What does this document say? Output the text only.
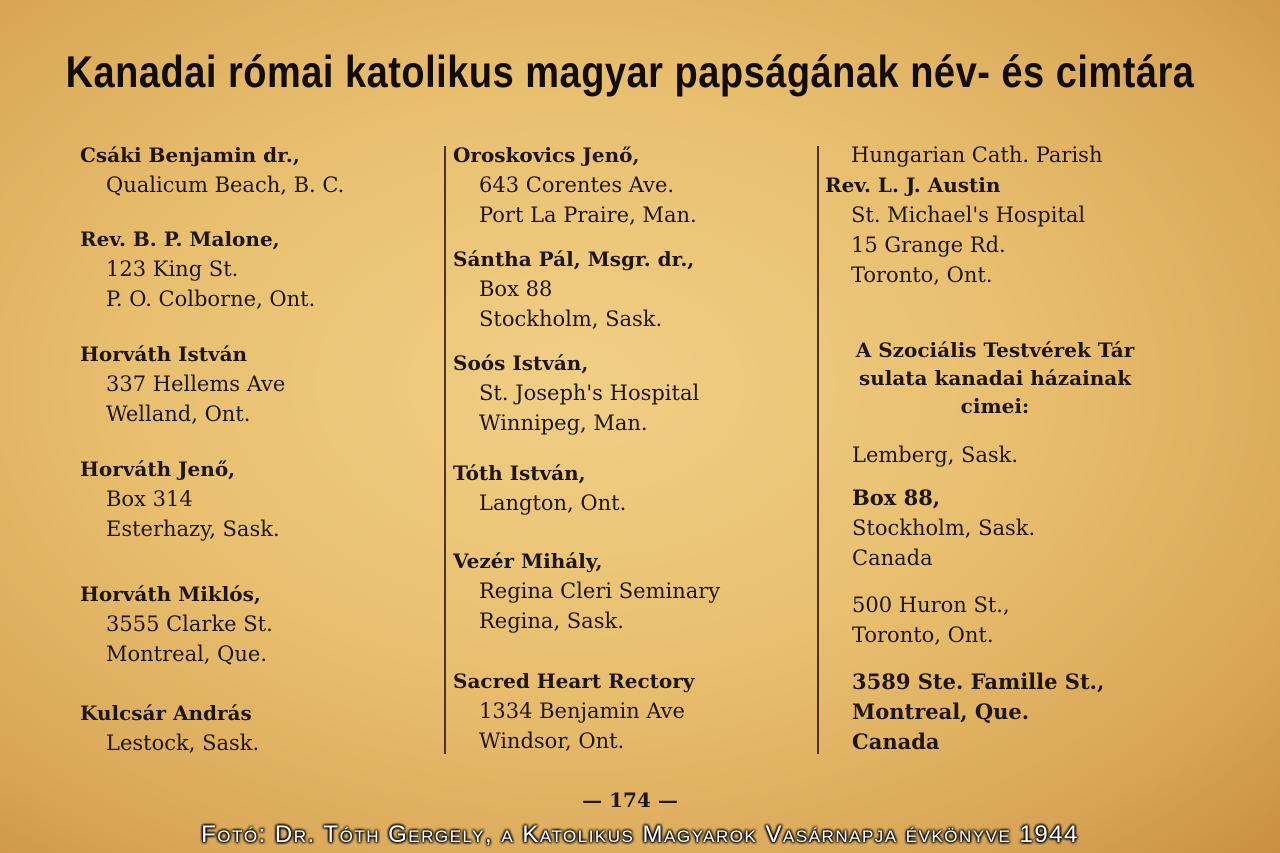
Kanadai római katolikus magyar papságának név- és cimtára
Csáki Benjamin dr.,
Qualicum Beach, B. C.
Rev. B. P. Malone,
123 King St.
P. O. Colborne, Ont.
Horváth István
337 Hellems Ave
Welland, Ont.
Horváth Jenő,
Box 314
Esterhazy, Sask.
Horváth Miklós,
3555 Clarke St.
Montreal, Que.
Kulcsár András
Lestock, Sask.
Oroskovics Jenő,
643 Corentes Ave.
Port La Praire, Man.
Sántha Pál, Msgr. dr.,
Box 88
Stockholm, Sask.
Soós István,
St. Joseph's Hospital
Winnipeg, Man.
Tóth István,
Langton, Ont.
Vezér Mihály,
Regina Cleri Seminary
Regina, Sask.
Sacred Heart Rectory
1334 Benjamin Ave
Windsor, Ont.
Hungarian Cath. Parish
Rev. L. J. Austin
St. Michael's Hospital
15 Grange Rd.
Toronto, Ont.
A Szociális Testvérek Tár
sulata kanadai házainak
cimei:
Lemberg, Sask.
Box 88,
Stockholm, Sask.
Canada
500 Huron St.,
Toronto, Ont.
3589 Ste. Famille St.,
Montreal, Que.
Canada
— 174 —
Fotó: Dr. Tóth Gergely, a Katolikus Magyarok Vasárnapja évkönyve 1944
